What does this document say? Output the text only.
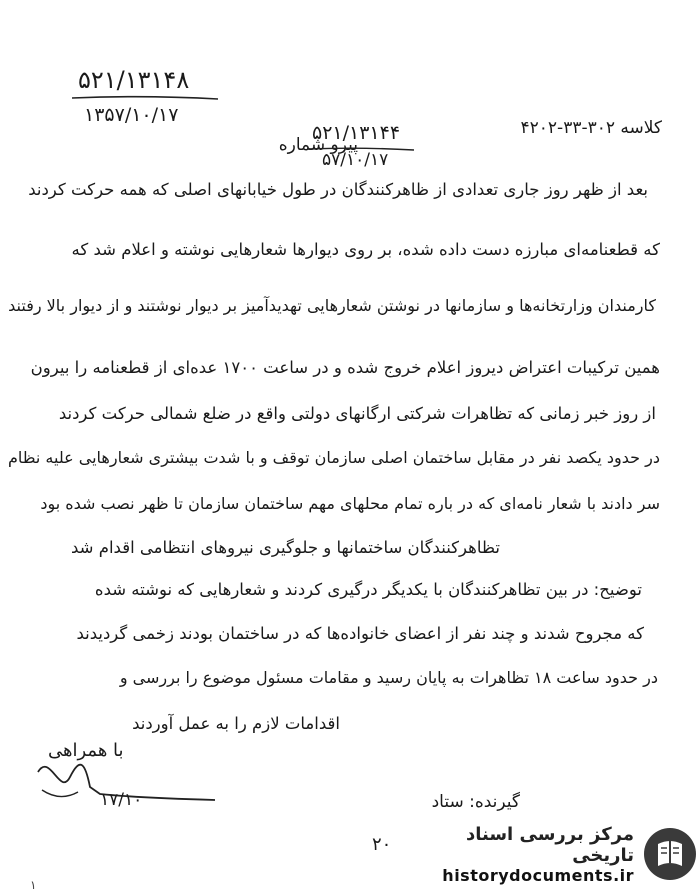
۵۲۱/۱۳۱۴۸
۱۳۵۷/۱۰/۱۷
کلاسه ۳۰۲-۳۳-۴۲۰۲
پیرو شماره
۵۲۱/۱۳۱۴۴
۵۷/۱۰/۱۷
بعد از ظهر روز جاری تعدادی از ظاهرکنندگان در طول خیابانهای اصلی که همه حرکت کردند
که قطعنامه‌ای مبارزه دست داده شده، بر روی دیوارها شعارهایی نوشته و اعلام شد که
کارمندان وزارتخانه‌ها و سازمانها در نوشتن شعارهایی تهدیدآمیز بر دیوار نوشتند و از دیوار بالا رفتند
همین ترکیبات اعتراض دیروز اعلام خروج شده و در ساعت ۱۷۰۰ عده‌ای از قطعنامه را بیرون
از روز خبر زمانی که تظاهرات شرکتی ارگانهای دولتی واقع در ضلع شمالی حرکت کردند
در حدود یکصد نفر در مقابل ساختمان اصلی سازمان توقف و با شدت بیشتری شعارهایی علیه نظام
سر دادند با شعار نامه‌ای که در باره تمام محلهای مهم ساختمان سازمان تا ظهر نصب شده بود
تظاهرکنندگان ساختمانها و جلوگیری نیروهای انتظامی اقدام شد
توضیح: در بین تظاهرکنندگان با یکدیگر درگیری کردند و شعارهایی که نوشته شده
که مجروح شدند و چند نفر از اعضای خانواده‌ها که در ساختمان بودند زخمی گردیدند
در حدود ساعت ۱۸ تظاهرات به پایان رسید و مقامات مسئول موضوع را بررسی و
اقدامات لازم را به عمل آوردند
با همراهی
۱۷/۱۰	گیرنده: ستاد
۲۰	مرکز بررسی اسناد تاریخی
historydocuments.ir
۱
